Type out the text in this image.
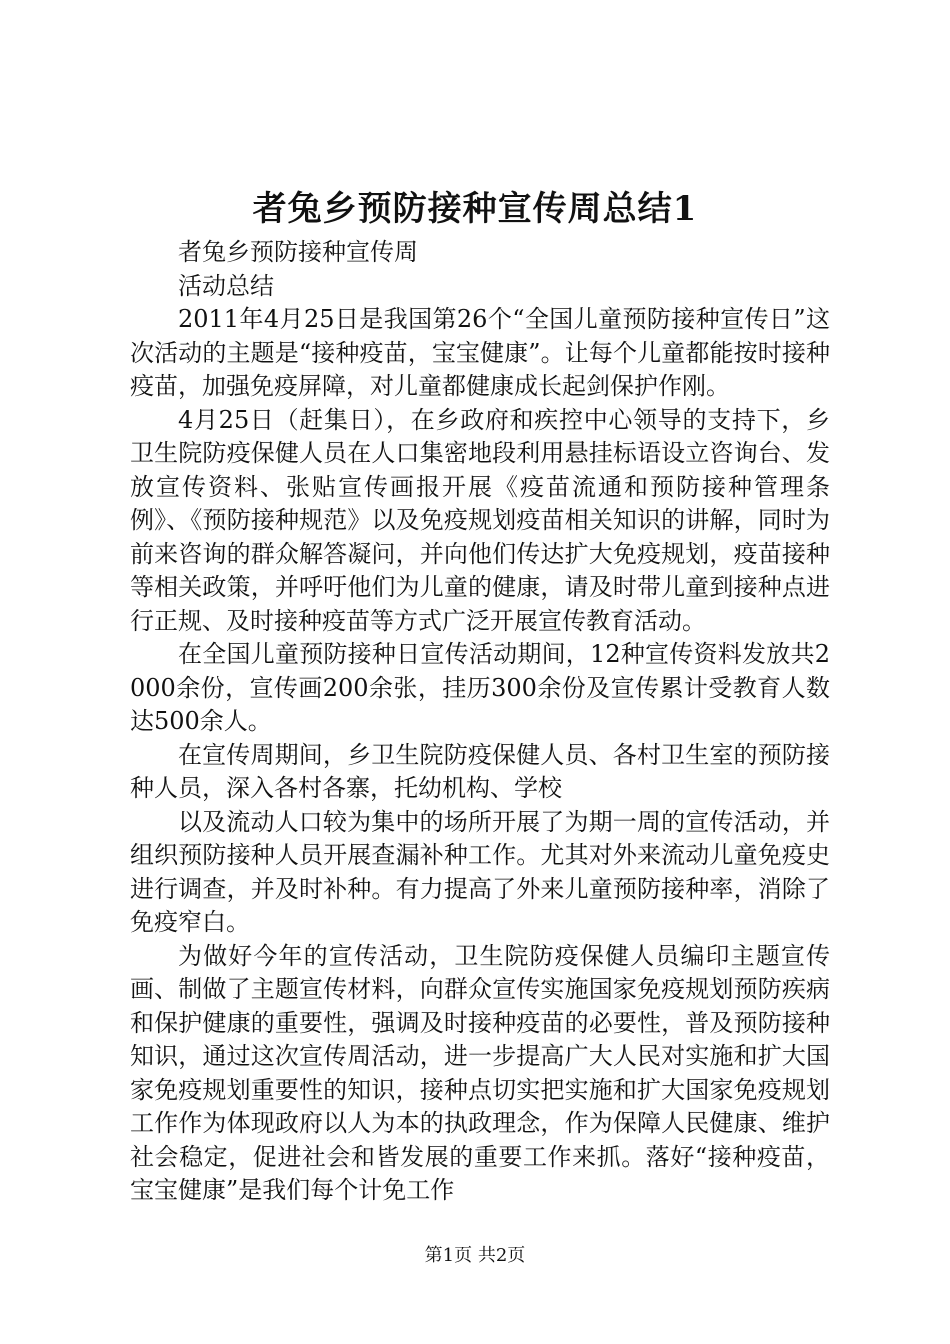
者兔乡预防接种宣传周总结1

者兔乡预防接种宣传周

活动总结

2011年4月25日是我国第26个“全国儿童预防接种宣传日”这次活动的主题是“接种疫苗，宝宝健康”。让每个儿童都能按时接种疫苗，加强免疫屏障，对儿童都健康成长起剑保护作刚。

4月25日（赶集日），在乡政府和疾控中心领导的支持下，乡卫生院防疫保健人员在人口集密地段利用悬挂标语设立咨询台、发放宣传资料、张贴宣传画报开展《疫苗流通和预防接种管理条例》、《预防接种规范》以及免疫规划疫苗相关知识的讲解，同时为前来咨询的群众解答凝问，并向他们传达扩大免疫规划，疫苗接种等相关政策，并呼吁他们为儿童的健康，请及时带儿童到接种点进行正规、及时接种疫苗等方式广泛开展宣传教育活动。

在全国儿童预防接种日宣传活动期间，12种宣传资料发放共2000余份，宣传画200余张，挂历300余份及宣传累计受教育人数达500余人。

在宣传周期间，乡卫生院防疫保健人员、各村卫生室的预防接种人员，深入各村各寨，托幼机构、学校

以及流动人口较为集中的场所开展了为期一周的宣传活动，并组织预防接种人员开展查漏补种工作。尤其对外来流动儿童免疫史进行调查，并及时补种。有力提高了外来儿童预防接种率，消除了免疫窄白。

为做好今年的宣传活动，卫生院防疫保健人员编印主题宣传画、制做了主题宣传材料，向群众宣传实施国家免疫规划预防疾病和保护健康的重要性，强调及时接种疫苗的必要性，普及预防接种知识，通过这次宣传周活动，进一步提高广大人民对实施和扩大国家免疫规划重要性的知识，接种点切实把实施和扩大国家免疫规划工作作为体现政府以人为本的执政理念，作为保障人民健康、维护社会稳定，促进社会和皆发展的重要工作来抓。落好“接种疫苗，宝宝健康”是我们每个计免工作

第1页 共2页
